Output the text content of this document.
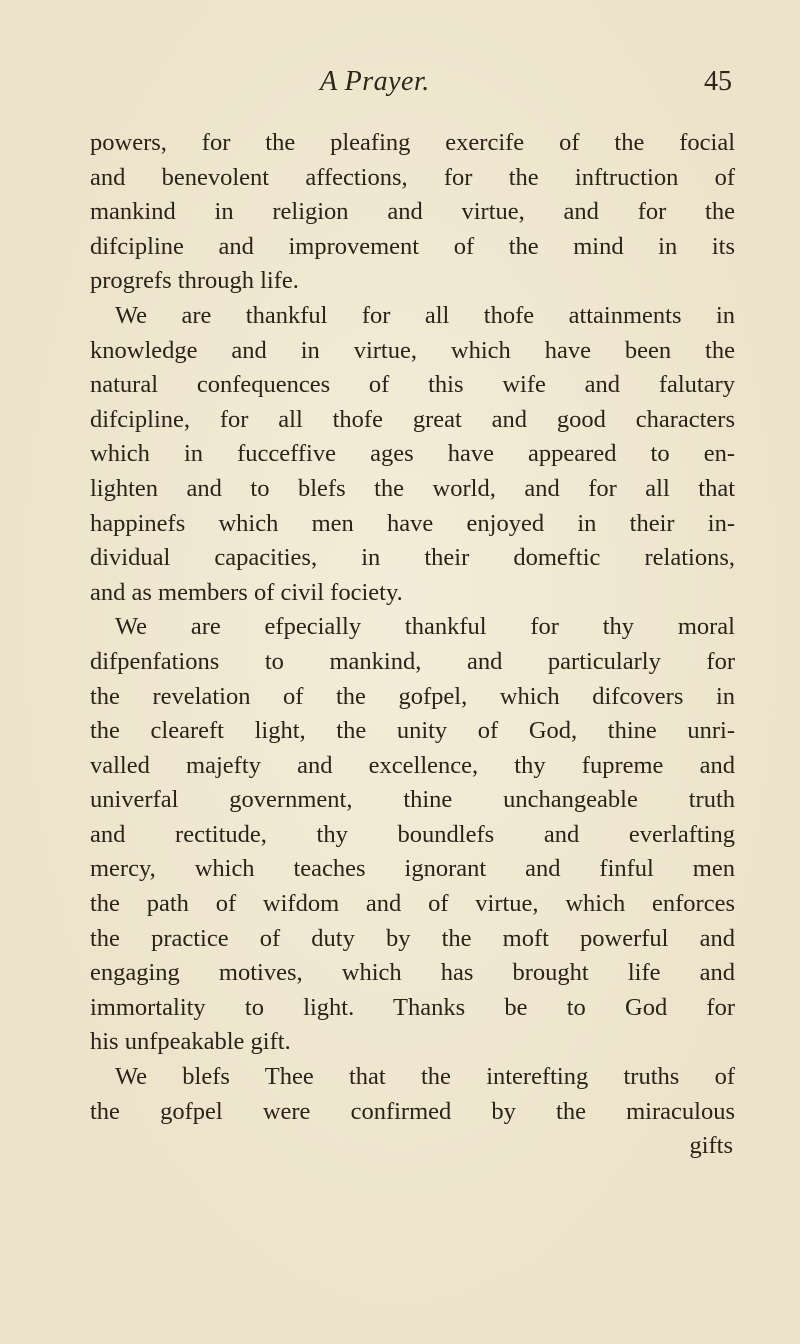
A Prayer.	45
powers, for the pleafing exercife of the focial
and benevolent affections, for the inftruction of
mankind in religion and virtue, and for the
difcipline and improvement of the mind in its
progrefs through life.
We are thankful for all thofe attainments in
knowledge and in virtue, which have been the
natural confequences of this wife and falutary
difcipline, for all thofe great and good characters
which in fucceffive ages have appeared to en-
lighten and to blefs the world, and for all that
happinefs which men have enjoyed in their in-
dividual capacities, in their domeftic relations,
and as members of civil fociety.
We are efpecially thankful for thy moral
difpenfations to mankind, and particularly for
the revelation of the gofpel, which difcovers in
the cleareft light, the unity of God, thine unri-
valled majefty and excellence, thy fupreme and
univerfal government, thine unchangeable truth
and rectitude, thy boundlefs and everlafting
mercy, which teaches ignorant and finful men
the path of wifdom and of virtue, which enforces
the practice of duty by the moft powerful and
engaging motives, which has brought life and
immortality to light. Thanks be to God for
his unfpeakable gift.
We blefs Thee that the interefting truths of
the gofpel were confirmed by the miraculous
gifts
